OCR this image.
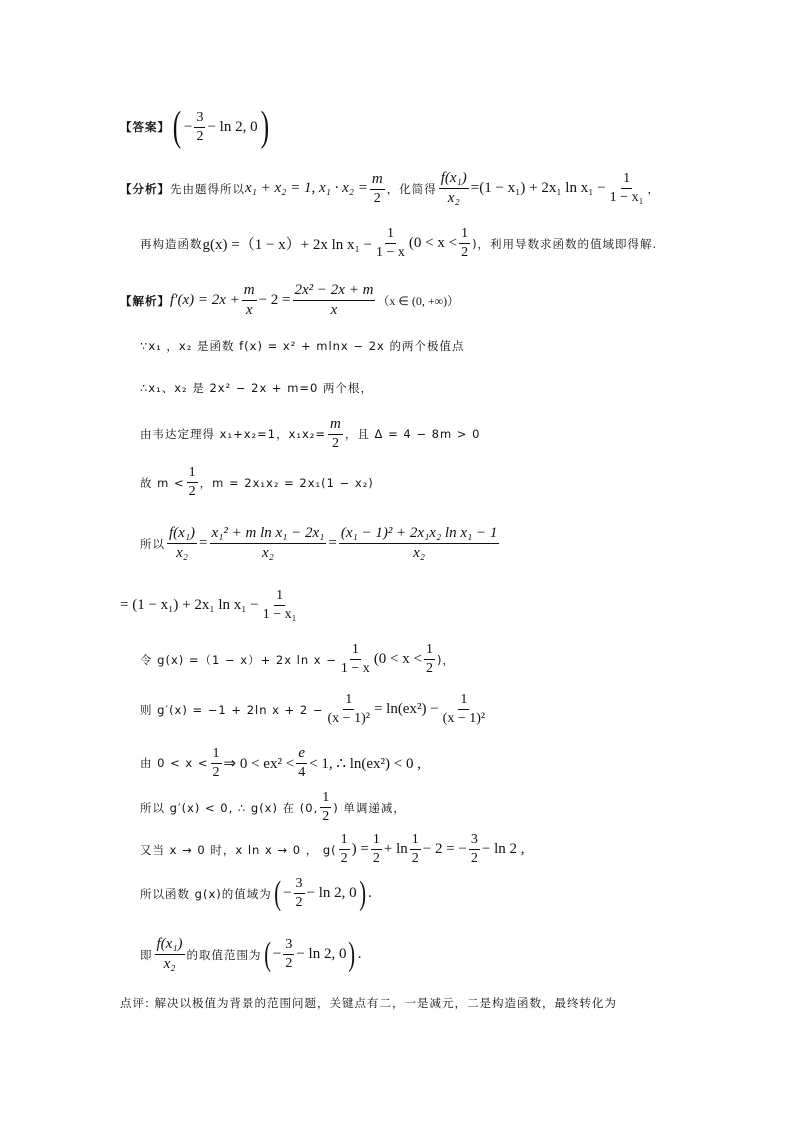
【答案】 ( − $\frac{3}{2} - \ln 2$, 0 )
【分析】 先由题得所以 x₁ + x₂ = 1, $x_1 \cdot x_2 = \frac{m}{2}$ ，化简得 $\frac{\text{f(x₁)}}{\text{x₂}} =(1 - x_1) + 2x_1$ $\ln x_1 - \frac{1}{\text{1 − x₁}}$ ，
再构造函数 g(x) =（1 − x）+ 2x $\ln x_1 - \frac{1}{1 - x} (0 < x < \frac{1}{2}$ )，利用导数求函数的值域即得解.
【解析】 $f'(x) = 2x + \frac{m}{x} - 2 = \frac{\text{2x² − 2x + m}}{x} (x$ ∈ (0, +∞)）
∵x₁ ，x₂ 是函数 f(x) = x² + mlnx − 2x 的两个极值点
∴x₁、x₂ 是 2x² − 2x + m=0 两个根，
由韦达定理得 x₁+x₂=1，$x_1x_2= \frac{m}{2}$ ，且 Δ = 4 − 8m > 0
故 $m < \frac{1}{2}$ ，m = 2x₁x₂ = 2x₁(1 − x₂)
所以 $\frac{\text{f(x₁)}}{\text{x₂}} = \frac{\text{x₁² + m ln x₁ − 2x₁}}{\text{x₂}} = \frac{\text{(x₁ − 1)² + 2x₁x₂ ln x₁ − 1}}{\text{x₂}}$
= (1 − x₁) + 2x₁ $\ln x_1 - \frac{1}{\text{1 − x₁}}$
令 g(x) =（1 − x）+ 2x $\ln x - \frac{1}{1 - x} (0 < x < \frac{1}{2}$ )，
则 g′(x) = −1 + 2ln $x + 2 - \frac{1}{\text{(x − 1)²}} = \ln(ex^2) - \frac{1}{\text{(x − 1)²}}$
由 $0 < x < \frac{1}{2}$ ⇒ $0 < ex^2 < \frac{e}{4} < 1$, ∴ ln(ex²) < 0 ,
所以 g′(x) < 0, ∴ g(x) 在 (0, $\frac{1}{2}$ ) 单调递减，
又当 x → 0 时，x ln x → 0 ， $g( \frac{1}{2}$ ) = $\frac{1}{2} + \ln \frac{1}{2} - 2$ = − $\frac{3}{2} - \ln 2$ ,
所以函数 g(x)的值域为 ( − $\frac{3}{2} - \ln 2$, 0 ) .
即 $\frac{\text{f(x₁)}}{\text{x₂}}$ 的取值范围为 ( − $\frac{3}{2} - \ln 2$, 0 ) .
点评: 解决以极值为背景的范围问题，关键点有二，一是减元，二是构造函数，最终转化为
